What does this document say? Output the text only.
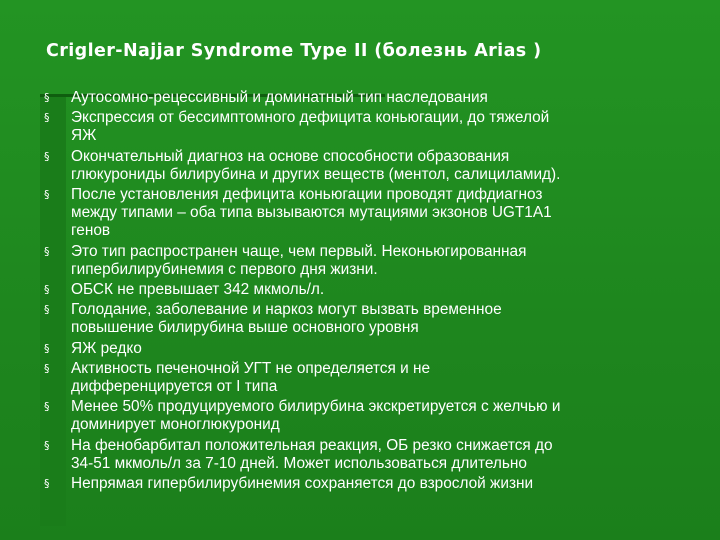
Crigler-Najjar Syndrome Type II (болезнь Arias )
§ Аутосомно-рецессивный и доминатный тип наследования
§ Экспрессия от бессимптомного дефицита коньюгации, до тяжелой
ЯЖ
§ Окончательный диагноз на основе способности образования
глюкурониды билирубина и других веществ (ментол, салициламид).
§ После установления дефицита коньюгации проводят дифдиагноз
между типами – оба типа вызываются мутациями экзонов UGT1A1
генов
§ Это тип распространен чаще, чем первый. Неконьюгированная
гипербилирубинемия с первого дня жизни.
§ ОБСК не превышает 342 мкмоль/л.
§ Голодание, заболевание и наркоз могут вызвать временное
повышение билирубина выше основного уровня
§ ЯЖ редко
§ Активность печеночной УГТ не определяется и не
дифференцируется от I типа
§ Менее 50% продуцируемого билирубина экскретируется с желчью и
доминирует моноглюкуронид
§ На фенобарбитал положительная реакция, ОБ резко снижается до
34-51 мкмоль/л за 7-10 дней. Может использоваться длительно
§ Непрямая гипербилирубинемия сохраняется до взрослой жизни
